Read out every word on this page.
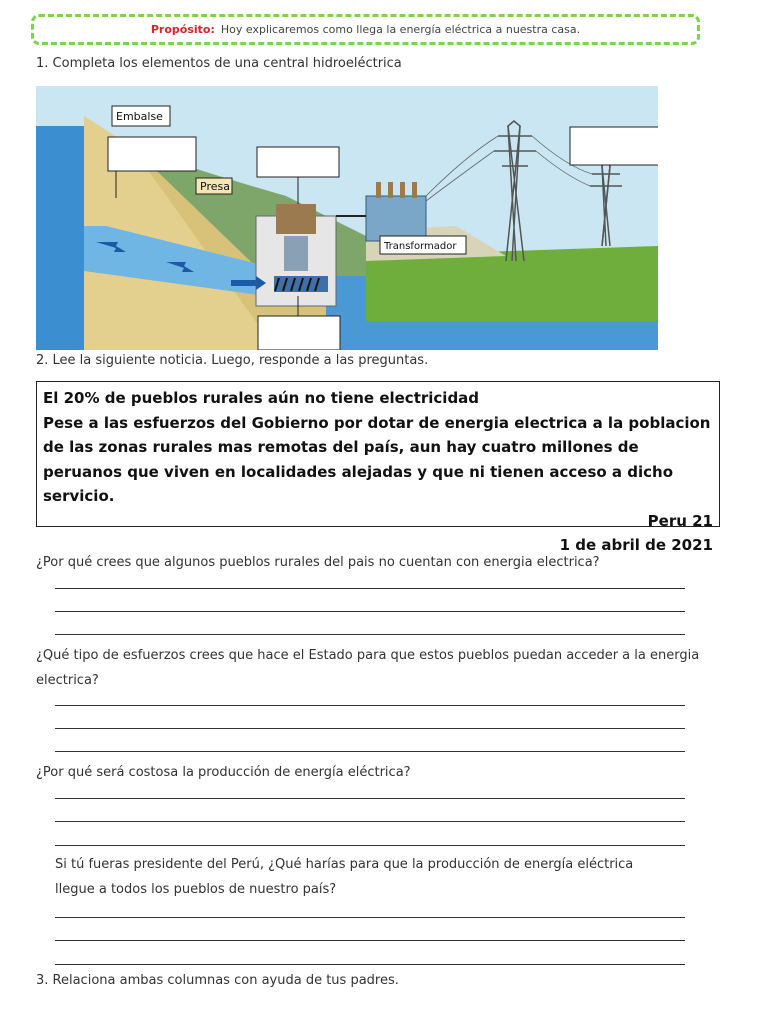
Propósito: Hoy explicaremos como llega la energía eléctrica a nuestra casa.
1. Completa los elementos de una central hidroeléctrica
Embalse
Presa
Transformador
2. Lee la siguiente noticia. Luego, responde a las preguntas.
El 20% de pueblos rurales aún no tiene electricidad
Pese a las esfuerzos del Gobierno por dotar de energia electrica a la poblacion de las zonas rurales mas remotas del país, aun hay cuatro millones de peruanos que viven en localidades alejadas y que ni tienen acceso a dicho servicio.
Peru 21
1 de abril de 2021
¿Por qué crees que algunos pueblos rurales del pais no cuentan con energia electrica?
¿Qué tipo de esfuerzos crees que hace el Estado para que estos pueblos puedan acceder a la energia electrica?
¿Por qué será costosa la producción de energía eléctrica?
Si tú fueras presidente del Perú, ¿Qué harías para que la producción de energía eléctrica llegue a todos los pueblos de nuestro país?
3. Relaciona ambas columnas con ayuda de tus padres.
